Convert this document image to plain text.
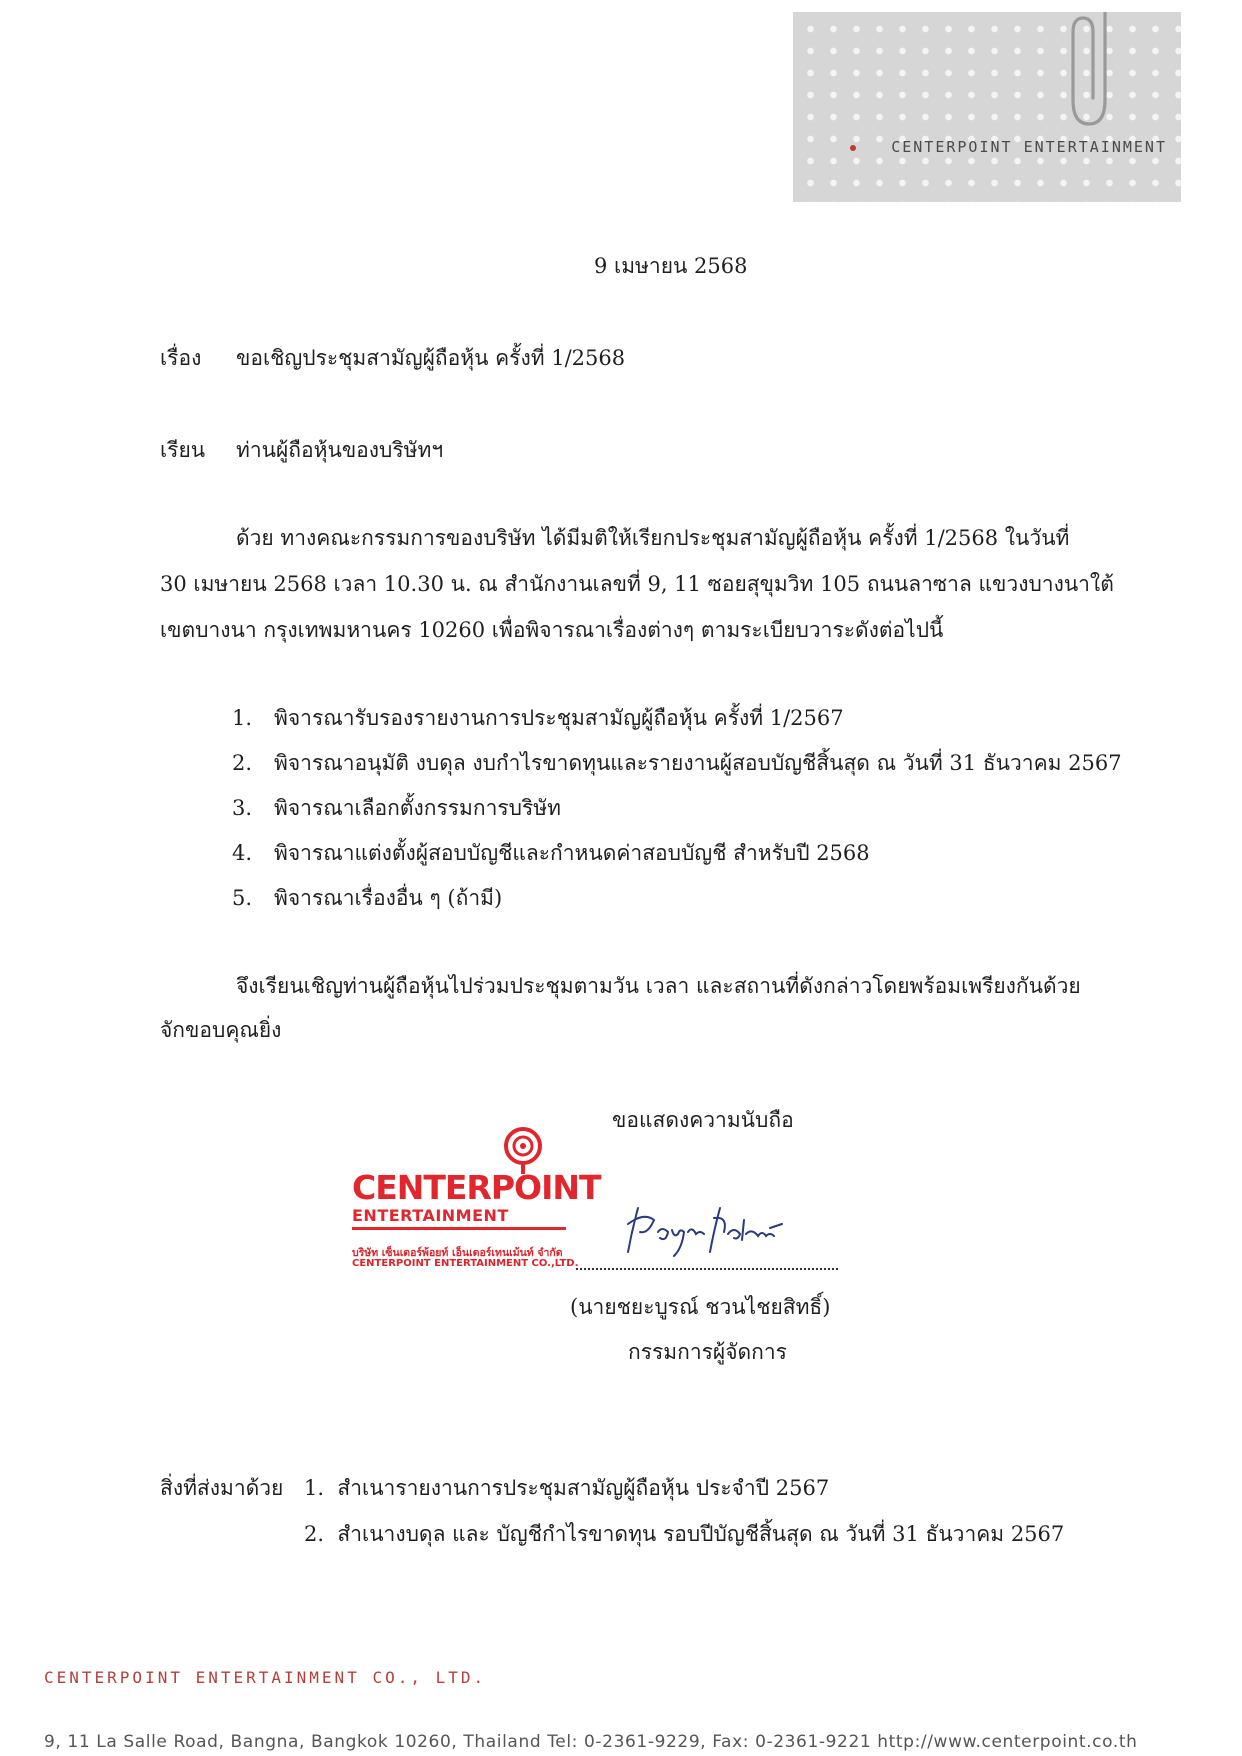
CENTERPOINT ENTERTAINMENT
9 เมษายน 2568
เรื่อง ขอเชิญประชุมสามัญผู้ถือหุ้น ครั้งที่ 1/2568
เรียน ท่านผู้ถือหุ้นของบริษัทฯ
ด้วย ทางคณะกรรมการของบริษัท ได้มีมติให้เรียกประชุมสามัญผู้ถือหุ้น ครั้งที่ 1/2568 ในวันที่
30 เมษายน 2568 เวลา 10.30 น. ณ สำนักงานเลขที่ 9, 11 ซอยสุขุมวิท 105 ถนนลาซาล แขวงบางนาใต้
เขตบางนา กรุงเทพมหานคร 10260 เพื่อพิจารณาเรื่องต่างๆ ตามระเบียบวาระดังต่อไปนี้
1. พิจารณารับรองรายงานการประชุมสามัญผู้ถือหุ้น ครั้งที่ 1/2567
2. พิจารณาอนุมัติ งบดุล งบกำไรขาดทุนและรายงานผู้สอบบัญชีสิ้นสุด ณ วันที่ 31 ธันวาคม 2567
3. พิจารณาเลือกตั้งกรรมการบริษัท
4. พิจารณาแต่งตั้งผู้สอบบัญชีและกำหนดค่าสอบบัญชี สำหรับปี 2568
5. พิจารณาเรื่องอื่น ๆ (ถ้ามี)
จึงเรียนเชิญท่านผู้ถือหุ้นไปร่วมประชุมตามวัน เวลา และสถานที่ดังกล่าวโดยพร้อมเพรียงกันด้วย
จักขอบคุณยิ่ง
ขอแสดงความนับถือ
CENTERPOINT
ENTERTAINMENT
บริษัท เซ็นเตอร์พ้อยท์ เอ็นเตอร์เทนเม้นท์ จำกัด
CENTERPOINT ENTERTAINMENT CO.,LTD.
(นายชยะบูรณ์ ชวนไชยสิทธิ์)
กรรมการผู้จัดการ
สิ่งที่ส่งมาด้วย 1. สำเนารายงานการประชุมสามัญผู้ถือหุ้น ประจำปี 2567
2. สำเนางบดุล และ บัญชีกำไรขาดทุน รอบปีบัญชีสิ้นสุด ณ วันที่ 31 ธันวาคม 2567
CENTERPOINT ENTERTAINMENT CO., LTD.
9, 11 La Salle Road, Bangna, Bangkok 10260, Thailand Tel: 0-2361-9229, Fax: 0-2361-9221 http://www.centerpoint.co.th
